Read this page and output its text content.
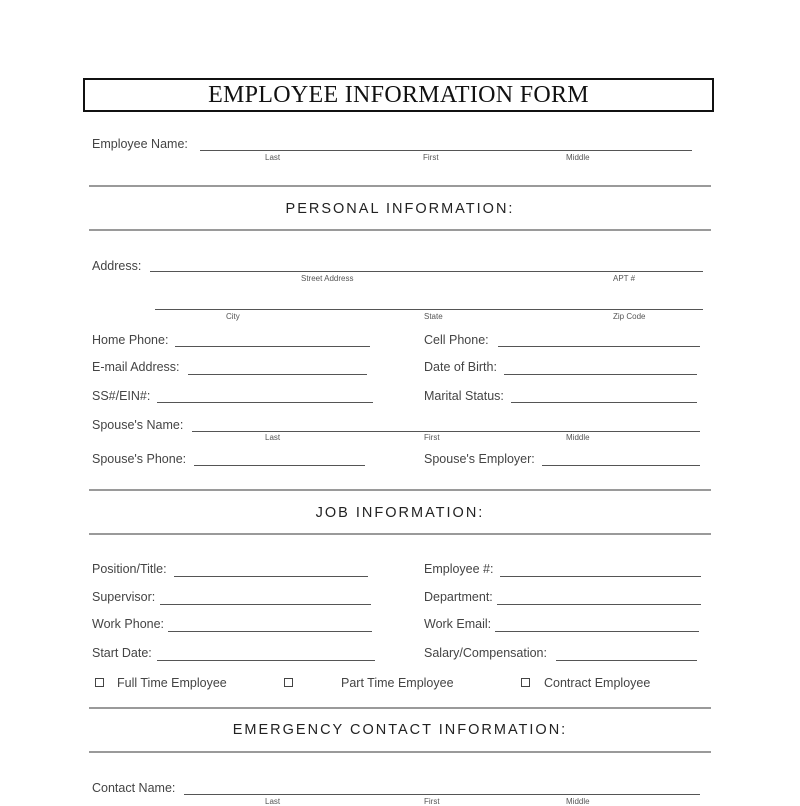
EMPLOYEE INFORMATION FORM
Employee Name:
Last	First	Middle
PERSONAL INFORMATION:
Address:
Street Address	APT #
City	State	Zip Code
Home Phone:	Cell Phone:
E-mail Address:	Date of Birth:
SS#/EIN#:	Marital Status:
Spouse's Name:
Last	First	Middle
Spouse's Phone:	Spouse's Employer:
JOB INFORMATION:
Position/Title:	Employee #:
Supervisor:	Department:
Work Phone:	Work Email:
Start Date:	Salary/Compensation:
Full Time Employee	Part Time Employee	Contract Employee
EMERGENCY CONTACT INFORMATION:
Contact Name:
Last	First	Middle
